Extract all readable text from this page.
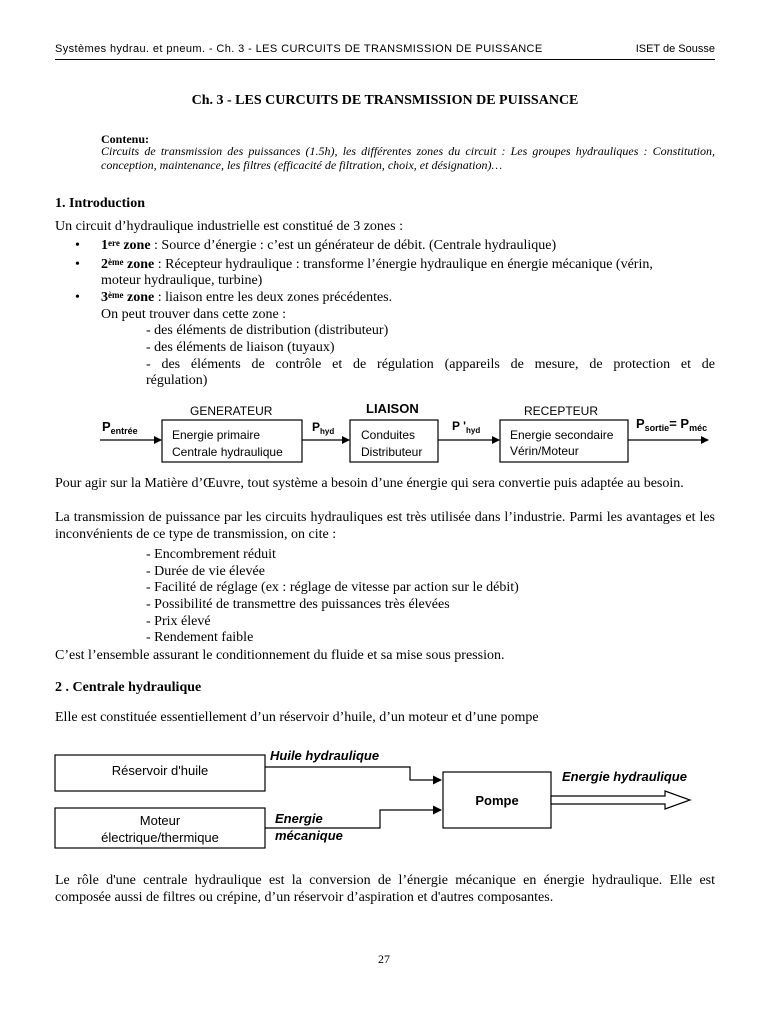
Systèmes hydrau. et pneum. - Ch. 3 - LES CURCUITS DE TRANSMISSION DE PUISSANCE	ISET de Sousse
Ch. 3 - LES CURCUITS DE TRANSMISSION DE PUISSANCE
Contenu:
Circuits de transmission des puissances (1.5h), les différentes zones du circuit : Les groupes hydrauliques : Constitution, conception, maintenance, les filtres (efficacité de filtration, choix, et désignation)…
1. Introduction
Un circuit d’hydraulique industrielle est constitué de 3 zones :
• 1ere zone : Source d’énergie : c’est un générateur de débit. (Centrale hydraulique)
• 2ème zone : Récepteur hydraulique : transforme l’énergie hydraulique en énergie mécanique (vérin,
moteur hydraulique, turbine)
• 3ème zone : liaison entre les deux zones précédentes.
On peut trouver dans cette zone :
- des éléments de distribution (distributeur)
- des éléments de liaison (tuyaux)
- des éléments de contrôle et de régulation (appareils de mesure, de protection et de
régulation)
GENERATEUR	LIAISON	RECEPTEUR
$P_{entrée}$	$P_{hyd}$	P '$_{hyd}$	$P_{sortie}= P_{méc}$
Energie primaire
Centrale hydraulique
Conduites
Distributeur
Energie secondaire
Vérin/Moteur
Pour agir sur la Matière d’Œuvre, tout système a besoin d’une énergie qui sera convertie puis adaptée au besoin.
La transmission de puissance par les circuits hydrauliques est très utilisée dans l’industrie. Parmi les avantages et les inconvénients de ce type de transmission, on cite :
- Encombrement réduit
- Durée de vie élevée
- Facilité de réglage (ex : réglage de vitesse par action sur le débit)
- Possibilité de transmettre des puissances très élevées
- Prix élevé
- Rendement faible
C’est l’ensemble assurant le conditionnement du fluide et sa mise sous pression.
2 . Centrale hydraulique
Elle est constituée essentiellement d’un réservoir d’huile, d’un moteur et d’une pompe
Réservoir d'huile
Moteur
électrique/thermique
Huile hydraulique
Energie
mécanique
Pompe
Energie hydraulique
Le rôle d'une centrale hydraulique est la conversion de l’énergie mécanique en énergie hydraulique. Elle est composée aussi de filtres ou crépine, d’un réservoir d’aspiration et d'autres composantes.
27
